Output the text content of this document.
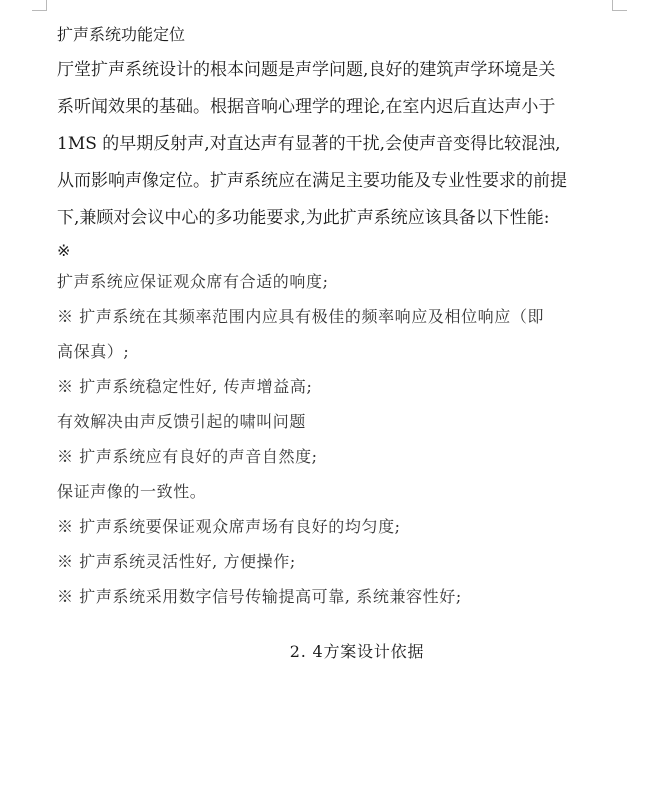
扩声系统功能定位
厅堂扩声系统设计的根本问题是声学问题,良好的建筑声学环境是关
系听闻效果的基础。根据音响心理学的理论,在室内迟后直达声小于
1MS 的早期反射声,对直达声有显著的干扰,会使声音变得比较混浊,
从而影响声像定位。扩声系统应在满足主要功能及专业性要求的前提
下,兼顾对会议中心的多功能要求,为此扩声系统应该具备以下性能:
※
扩声系统应保证观众席有合适的响度;
※ 扩声系统在其频率范围内应具有极佳的频率响应及相位响应（即
高保真）;
※ 扩声系统稳定性好, 传声增益高;
有效解决由声反馈引起的啸叫问题
※ 扩声系统应有良好的声音自然度;
保证声像的一致性。
※ 扩声系统要保证观众席声场有良好的均匀度;
※ 扩声系统灵活性好, 方便操作;
※ 扩声系统采用数字信号传输提高可靠, 系统兼容性好;
2. 4方案设计依据
